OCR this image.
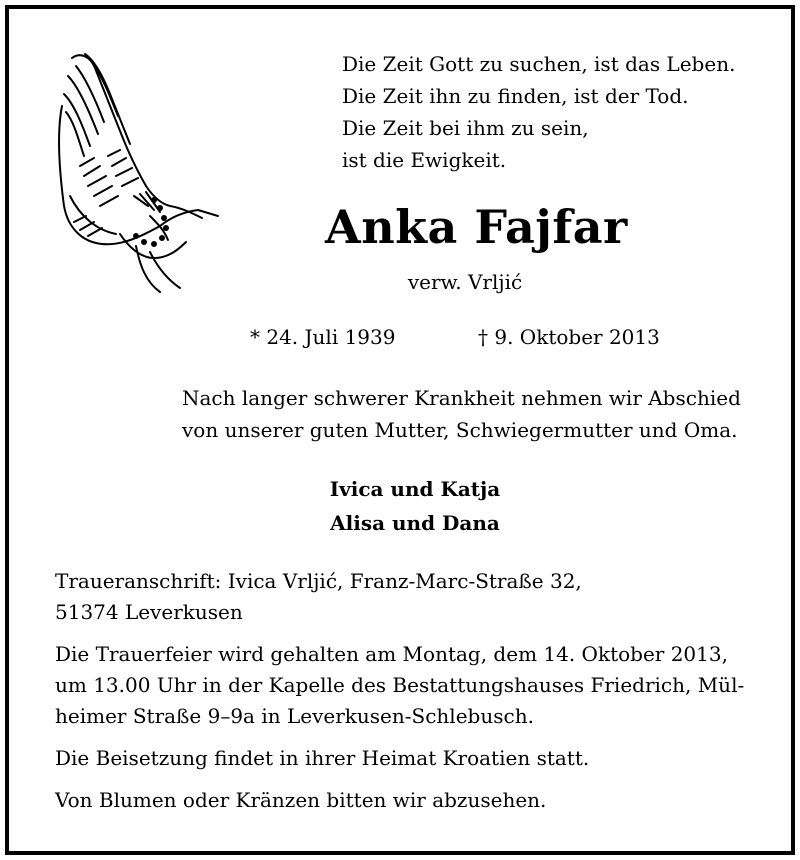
Die Zeit Gott zu suchen, ist das Leben.
Die Zeit ihn zu finden, ist der Tod.
Die Zeit bei ihm zu sein,
ist die Ewigkeit.
Anka Fajfar
verw. Vrljić
* 24. Juli 1939	† 9. Oktober 2013
Nach langer schwerer Krankheit nehmen wir Abschied
von unserer guten Mutter, Schwiegermutter und Oma.
Ivica und Katja
Alisa und Dana

Traueranschrift: Ivica Vrljić, Franz-Marc-Straße 32,
51374 Leverkusen

Die Trauerfeier wird gehalten am Montag, dem 14. Oktober 2013,
um 13.00 Uhr in der Kapelle des Bestattungshauses Friedrich, Mül-
heimer Straße 9–9a in Leverkusen-Schlebusch.

Die Beisetzung findet in ihrer Heimat Kroatien statt.

Von Blumen oder Kränzen bitten wir abzusehen.
